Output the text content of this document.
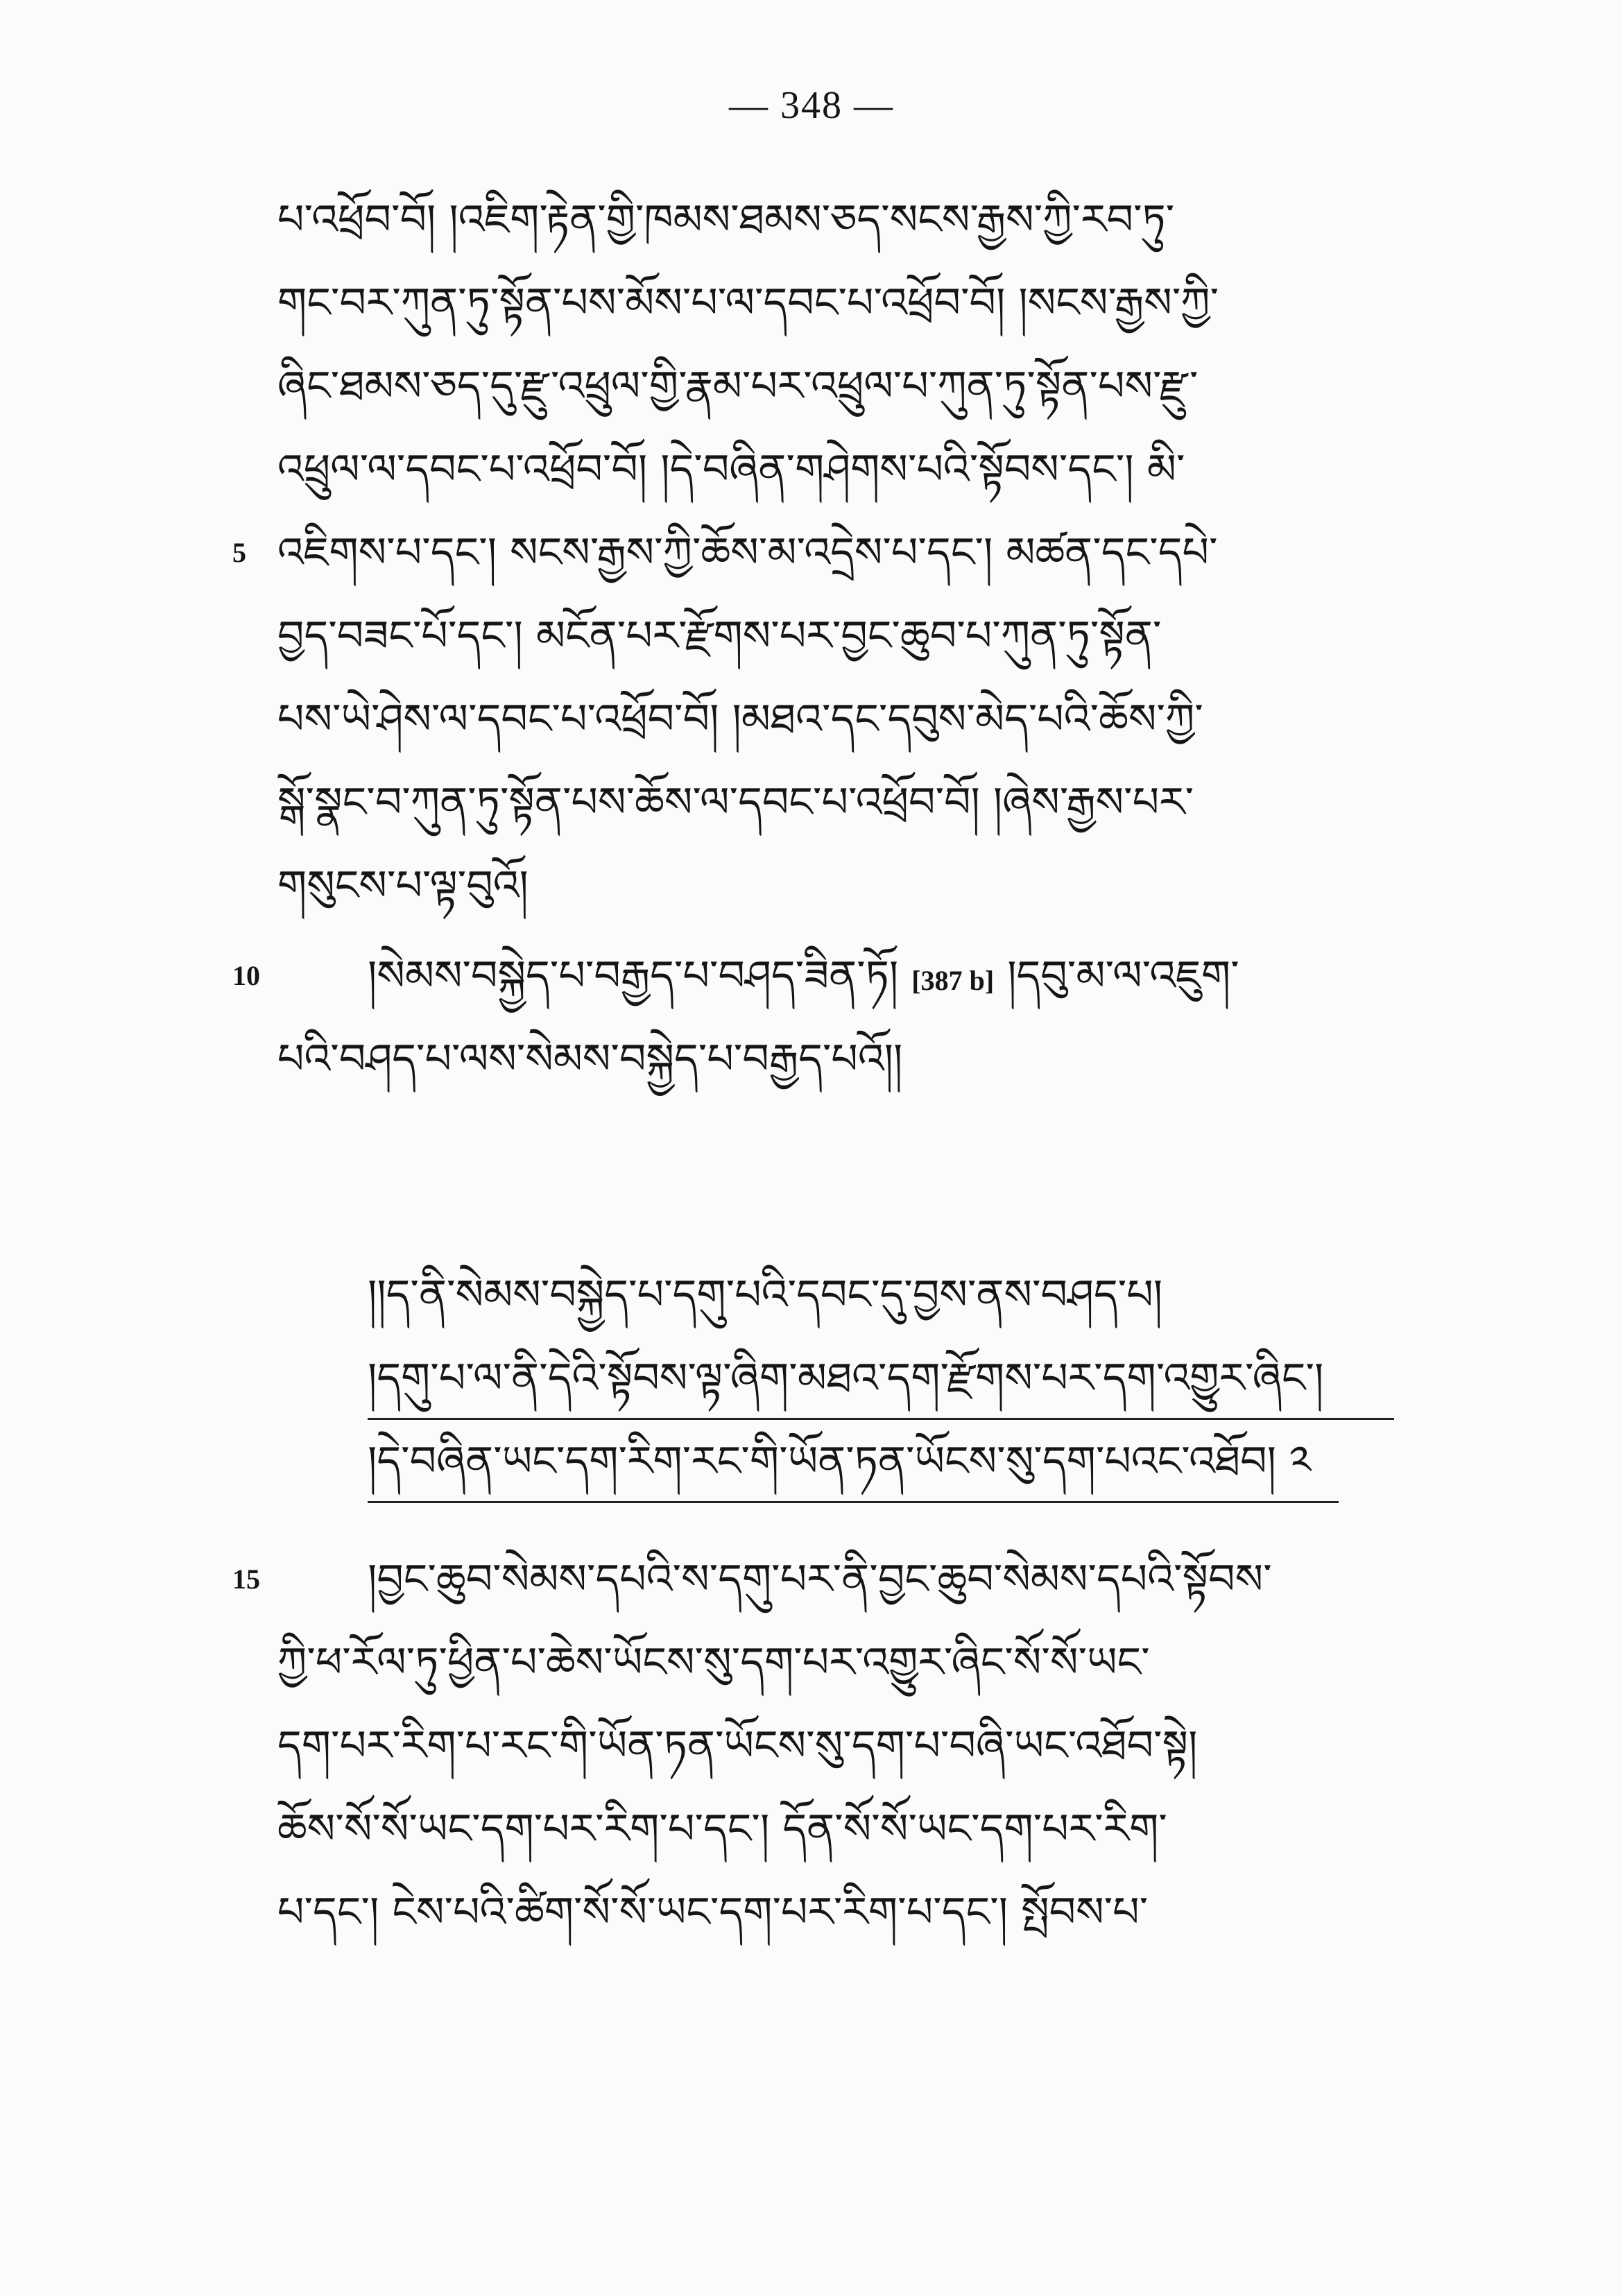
— 348 —
པ་འཕྲོབ་བོ། །འཇིག་རྟེན་གྱི་ཁམས་ཐམས་ཅད་སངས་རྒྱས་ཀྱི་རབ་ཏུ་
གང་བར་ཀུན་ཏུ་སྟོན་པས་མོས་པ་ལ་དབང་པ་འཕྲོབ་བོ། །སངས་རྒྱས་ཀྱི་
ཞིང་ཐམས་ཅད་དུ་རྫུ་འཕྲུལ་གྱི་རྣམ་པར་འཕྲུལ་པ་ཀུན་ཏུ་སྟོན་པས་རྫུ་
འཕྲུལ་ལ་དབང་པ་འཕྲོབ་བོ། །དེ་བཞིན་གཤེགས་པའི་སྟོབས་དང་། མི་
5 འཇིགས་པ་དང་། སངས་རྒྱས་ཀྱི་ཆོས་མ་འདྲེས་པ་དང་། མཚན་དང་དཔེ་
བྱད་བཟང་པོ་དང་། མངོན་པར་རྫོགས་པར་བྱང་ཆུབ་པ་ཀུན་ཏུ་སྟོན་
པས་ཡེ་ཤེས་ལ་དབང་པ་འཕྲོབ་བོ། །མཐའ་དང་དབུས་མེད་པའི་ཆོས་ཀྱི་
སྒོ་སྣང་བ་ཀུན་ཏུ་སྟོན་པས་ཆོས་ལ་དབང་པ་འཕྲོབ་བོ། །ཞེས་རྒྱས་པར་
གསུངས་པ་ལྟ་བུའོ།
10	།སེམས་བསྐྱེད་པ་བརྒྱད་པ་བཤད་ཟིན་ཏོ། [387 b] །དབུ་མ་ལ་འཇུག་
པའི་བཤད་པ་ལས་སེམས་བསྐྱེད་པ་བརྒྱད་པའོ།།
།།ད་ནི་སེམས་བསྐྱེད་པ་དགུ་པའི་དབང་དུ་བྱས་ནས་བཤད་པ།
།དགུ་པ་ལ་ནི་དེའི་སྟོབས་ལྟ་ཞིག་མཐའ་དག་རྫོགས་པར་དག་འགྱུར་ཞིང་།
།དེ་བཞིན་ཡང་དག་རིག་རང་གི་ཡོན་ཏན་ཡོངས་སུ་དག་པའང་འཐོབ། ༢
15	།བྱང་ཆུབ་སེམས་དཔའི་ས་དགུ་པར་ནི་བྱང་ཆུབ་སེམས་དཔའི་སྟོབས་
ཀྱི་ཕ་རོལ་ཏུ་ཕྱིན་པ་ཆེས་ཡོངས་སུ་དག་པར་འགྱུར་ཞིང་སོ་སོ་ཡང་
དག་པར་རིག་པ་རང་གི་ཡོན་ཏན་ཡོངས་སུ་དག་པ་བཞི་ཡང་འཐོབ་སྟེ།
ཆོས་སོ་སོ་ཡང་དག་པར་རིག་པ་དང་། དོན་སོ་སོ་ཡང་དག་པར་རིག་
པ་དང་། ངེས་པའི་ཚིག་སོ་སོ་ཡང་དག་པར་རིག་པ་དང་། སྤོབས་པ་
